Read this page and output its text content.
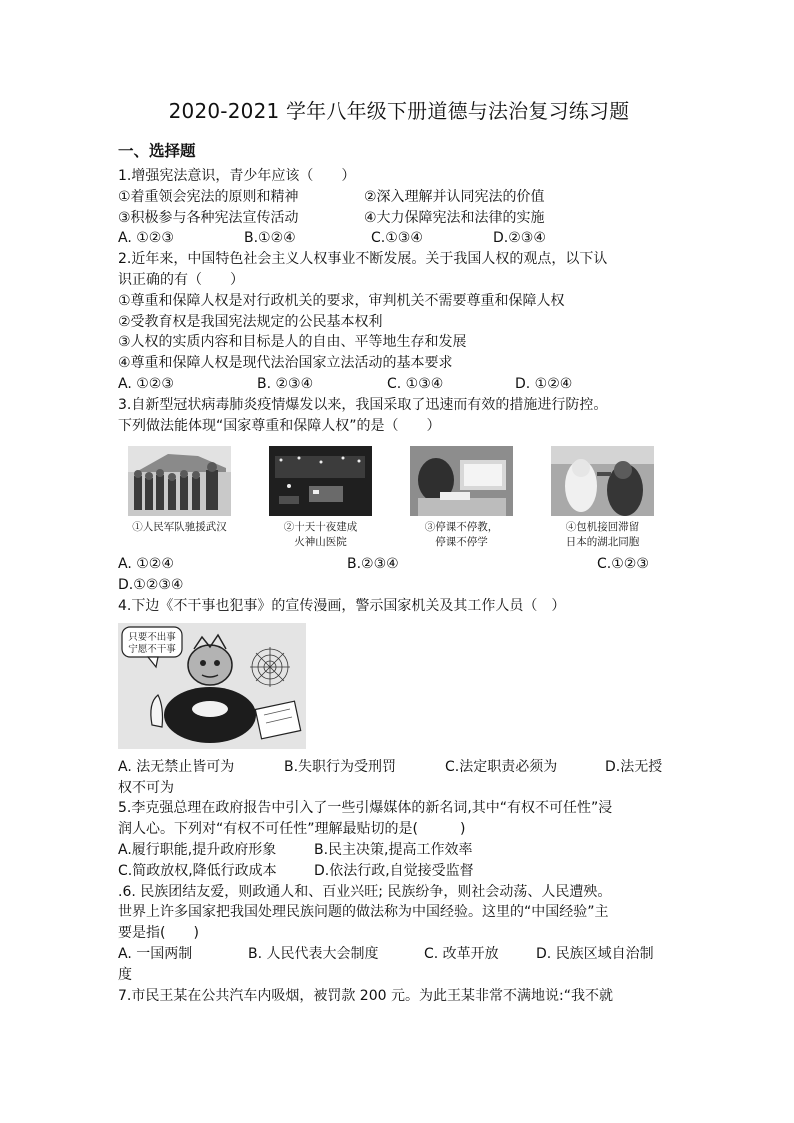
2020-2021 学年八年级下册道德与法治复习练习题
一、选择题
1.增强宪法意识，青少年应该（　　）
①着重领会宪法的原则和精神	②深入理解并认同宪法的价值
③积极参与各种宪法宣传活动	④大力保障宪法和法律的实施
A. ①②③	B.①②④	C.①③④	D.②③④
2.近年来，中国特色社会主义人权事业不断发展。关于我国人权的观点，以下认
识正确的有（　　）
①尊重和保障人权是对行政机关的要求，审判机关不需要尊重和保障人权
②受教育权是我国宪法规定的公民基本权利
③人权的实质内容和目标是人的自由、平等地生存和发展
④尊重和保障人权是现代法治国家立法活动的基本要求
A. ①②③	B. ②③④	C. ①③④	D. ①②④
3.自新型冠状病毒肺炎疫情爆发以来，我国采取了迅速而有效的措施进行防控。
下列做法能体现“国家尊重和保障人权”的是（　　）
①人民军队驰援武汉	②十天十夜建成
火神山医院
③停课不停教，
停课不停学
④包机接回滞留
日本的湖北同胞
A. ①②④	B.②③④	C.①②③
D.①②③④
4.下边《不干事也犯事》的宣传漫画，警示国家机关及其工作人员（　）
只要不出事
宁愿不干事
A. 法无禁止皆可为	B.失职行为受刑罚	C.法定职责必须为	D.法无授
权不可为
5.李克强总理在政府报告中引入了一些引爆媒体的新名词,其中“有权不可任性”浸
润人心。下列对“有权不可任性”理解最贴切的是(　　　)
A.履行职能,提升政府形象	B.民主决策,提高工作效率
C.简政放权,降低行政成本	D.依法行政,自觉接受监督
.6. 民族团结友爱，则政通人和、百业兴旺; 民族纷争，则社会动荡、人民遭殃。
世界上许多国家把我国处理民族问题的做法称为中国经验。这里的“中国经验”主
要是指(　　)
A. 一国两制	B. 人民代表大会制度	C. 改革开放	D. 民族区域自治制
度
7.市民王某在公共汽车内吸烟，被罚款 200 元。为此王某非常不满地说:“我不就
